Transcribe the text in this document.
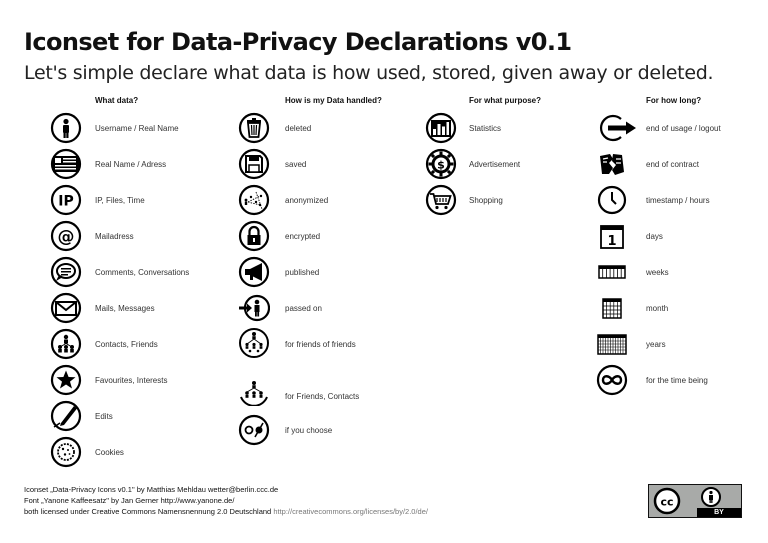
Iconset for Data-Privacy Declarations v0.1
Let's simple declare what data is how used, stored, given away or deleted.
What data?
Username / Real Name
Real Name / Adress
IP	IP, Files, Time
@	Mailadress
Comments, Conversations
Mails, Messages
Contacts, Friends
Favourites, Interests
Edits
Cookies
How is my Data handled?
deleted
saved
anonymized
encrypted
published
passed on
for friends of friends
for Friends, Contacts
if you choose
For what purpose?
Statistics
$	Advertisement
Shopping
For how long?
end of usage / logout
end of contract
timestamp / hours
1	days
weeks
month
years
for the time being
Iconset „Data-Privacy Icons v0.1" by Matthias Mehldau wetter@berlin.ccc.de
Font „Yanone Kaffeesatz" by Jan Gerner http://www.yanone.de/
both licensed under Creative Commons Namensnennung 2.0 Deutschland http://creativecommons.org/licenses/by/2.0/de/
cc
BY
